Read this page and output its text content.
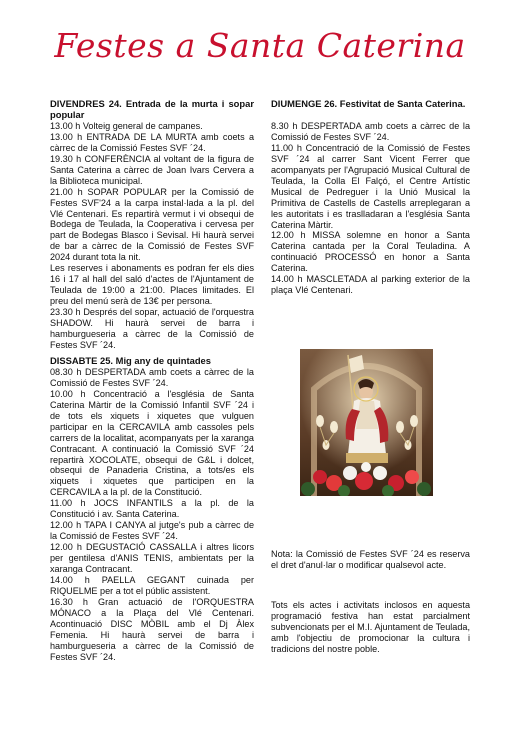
Festes a Santa Caterina

DIVENDRES 24. Entrada de la murta i sopar popular

13.00 h Volteig general de campanes.

13.00 h ENTRADA DE LA MURTA amb coets a càrrec de la Comissió Festes SVF ´24.

19.30 h CONFERÈNCIA al voltant de la figura de Santa Caterina a càrrec de Joan Ivars Cervera a la Biblioteca municipal.

21.00 h SOPAR POPULAR per la Comissió de Festes SVF'24 a la carpa instal·lada a la pl. del Vlé Centenari. Es repartirà vermut i vi obsequi de Bodega de Teulada, la Cooperativa i cervesa per part de Bodegas Blasco i Sevisal. Hi haurà servei de bar a càrrec de la Comissió de Festes SVF 2024 durant tota la nit.

Les reserves i abonaments es podran fer els dies 16 i 17 al hall del saló d'actes de l'Ajuntament de Teulada de 19:00 a 21:00. Places limitades. El preu del menú serà de 13€ per persona.

23.30 h Després del sopar, actuació de l'orquestra SHADOW. Hi haurà servei de barra i hamburgueseria a càrrec de la Comissió de Festes SVF ´24.

DISSABTE 25. Mig any de quintades

08.30 h DESPERTADA amb coets a càrrec de la Comissió de Festes SVF ´24.

10.00 h Concentració a l'església de Santa Caterina Màrtir de la Comissió Infantil SVF ´24 i de tots els xiquets i xiquetes que vulguen participar en la CERCAVILA amb cassoles pels carrers de la localitat, acompanyats per la xaranga Contracant. A continuació la Comissió SVF ´24 repartirà XOCOLATE, obsequi de G&L i dolcet, obsequi de Panaderia Cristina, a tots/es els xiquets i xiquetes que participen en la CERCAVILA a la pl. de la Constitució.

11.00 h JOCS INFANTILS a la pl. de la Constitució i av. Santa Caterina.

12.00 h TAPA I CANYA al jutge's pub a càrrec de la Comissió de Festes SVF ´24.

12.00 h DEGUSTACIÓ CASSALLA i altres licors per gentilesa d'ANIS TENIS, ambientats per la xaranga Contracant.

14.00 h PAELLA GEGANT cuinada per RIQUELME per a tot el públic assistent.

16.30 h Gran actuació de l'ORQUESTRA MÓNACO a la Plaça del Vlé Centenari. Acontinuació DISC MÒBIL amb el Dj Àlex Femenia. Hi haurà servei de barra i hamburgueseria a càrrec de la Comissió de Festes SVF ´24.

DIUMENGE 26. Festivitat de Santa Caterina.

8.30 h DESPERTADA amb coets a càrrec de la Comissió de Festes SVF ´24.

11.00 h Concentració de la Comissió de Festes SVF ´24 al carrer Sant Vicent Ferrer que acompanyats per l'Agrupació Musical Cultural de Teulada, la Colla El Falçó, el Centre Artístic Musical de Pedreguer i la Unió Musical la Primitiva de Castells de Castells arreplegaran a les autoritats i es traslladaran a l'església Santa Caterina Màrtir.

12.00 h MISSA solemne en honor a Santa Caterina cantada per la Coral Teuladina. A continuació PROCESSÓ en honor a Santa Caterina.

14.00 h MASCLETADA al parking exterior de la plaça Vlé Centenari.

Nota: la Comissió de Festes SVF ´24 es reserva el dret d'anul·lar o modificar qualsevol acte.

Tots els actes i activitats inclosos en aquesta programació festiva han estat parcialment subvencionats per el M.I. Ajuntament de Teulada, amb l'objectiu de promocionar la cultura i tradicions del nostre poble.
